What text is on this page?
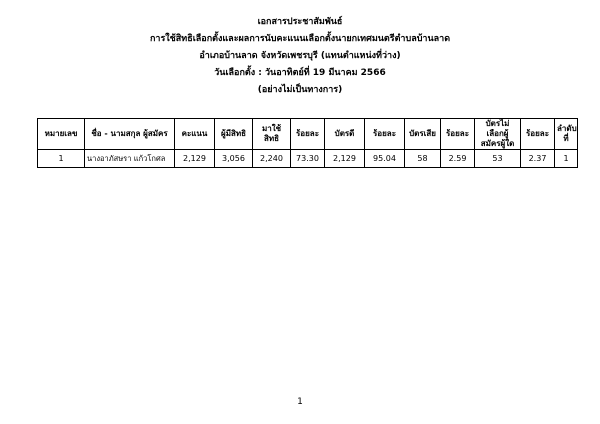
เอกสารประชาสัมพันธ์
การใช้สิทธิเลือกตั้งและผลการนับคะแนนเลือกตั้งนายกเทศมนตรีตำบลบ้านลาด
อำเภอบ้านลาด จังหวัดเพชรบุรี (แทนตำแหน่งที่ว่าง)
วันเลือกตั้ง : วันอาทิตย์ที่ 19 มีนาคม 2566
(อย่างไม่เป็นทางการ)
หมายเลข	ชื่อ - นามสกุล ผู้สมัคร	คะแนน	ผู้มีสิทธิ	มาใช้สิทธิ	ร้อยละ	บัตรดี	ร้อยละ	บัตรเสีย	ร้อยละ	บัตรไม่เลือกผู้สมัครผู้ใด	ร้อยละ	ลำดับที่
1	นางอาภัสษรา แก้วโกศล	2,129	3,056	2,240	73.30	2,129	95.04	58	2.59	53	2.37	1
1
